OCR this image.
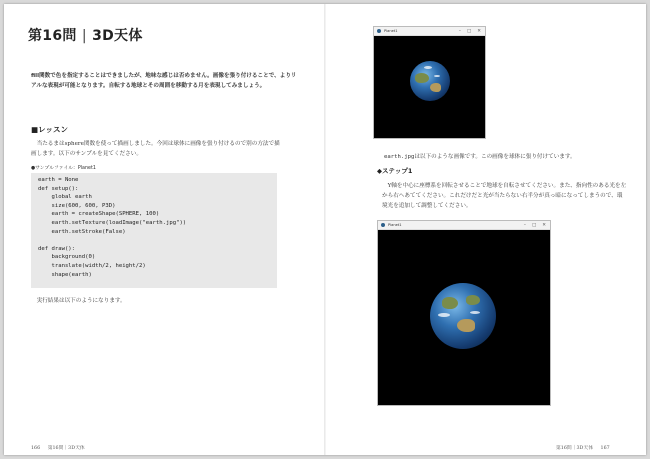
第16問 | 3D天体
fill関数で色を指定することはできましたが、地味な感じは否めません。画像を張り付けることで、よりリアルな表現が可能となります。自転する地球とその周囲を移動する月を表現してみましょう。
■レッスン
　当たるまはsphere関数を使って描画しました。今回は球体に画像を張り付けるので別の方法で描画します。以下のサンプルを見てください。
●サンプルファイル：Planet1
earth = None
def setup():
global earth
size(600, 600, P3D)
earth = createShape(SPHERE, 100)
earth.setTexture(loadImage("earth.jpg"))
earth.setStroke(False)

def draw():
background(0)
translate(width/2, height/2)
shape(earth)
　実行結果は以下のようになります。
166 第16問｜3D天体
Planet1	– □ ✕
earth.jpgは以下のような画像です。この画像を球体に張り付けています。
◆ステップ1
　Y軸を中心に座標系を回転させることで地球を自転させてください。また、指向性のある光を左から右へあててください。これだけだと光が当たらない右半分が真っ暗になってしまうので、環境光を追加して調整してください。
Planet1	– □ ✕
第16問｜3D天体 167
